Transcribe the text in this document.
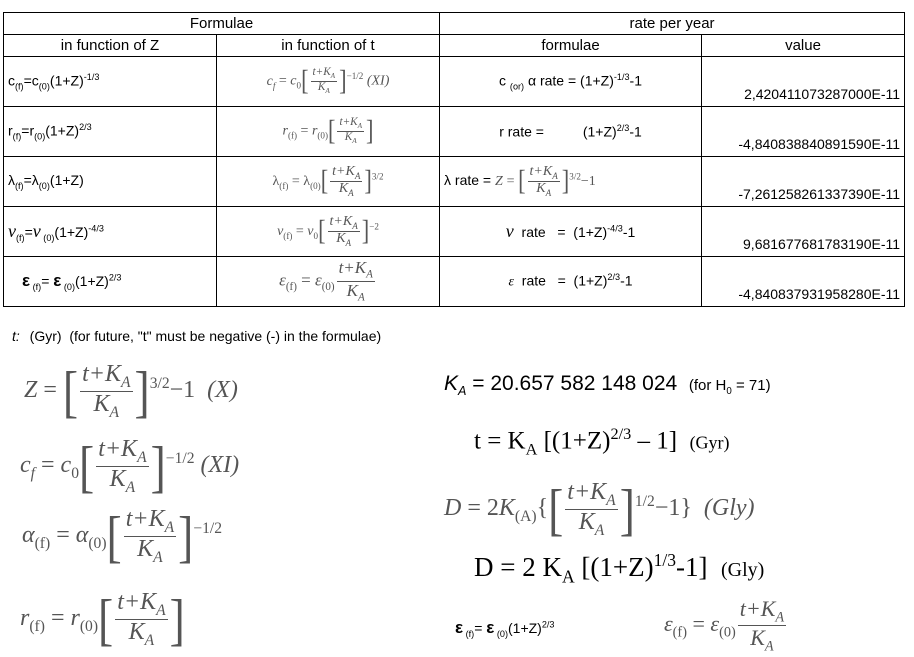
Formulae		rate per year	
in function of Z	in function of t	formulae	value
$c_{(f)}=c_{(0)}(1+Z)^{-1/3}$	$c_f = c_0[ \frac{t+K_A}{K_A} ]^{-1/2}$ (XI)	c $_{(or)}$ α rate = $(1+Z)^{-1/3}-1$	2,420411073287000E-11
$r_{(f)}=r_{(0)}(1+Z)^{2/3}$	$r_{(f)} = r_{(0)}[ \frac{t+K_A}{K_A}$ ]	r rate =          $(1+Z)^{2/3}-1$	-4,840838840891590E-11
$\lambda_{(f)}=\lambda_{(0)}(1+Z)$	$\lambda_{(f)} = \lambda_{(0)}[ \frac{t+K_A}{K_A} ]^{3/2}$	λ rate = Z = [ $\frac{t+K_A}{K_A} ]^{3/2}-1$	-7,261258261337390E-11
$\nu_{(f)}=\nu$ $_{(0)}(1+Z)^{-4/3}$	$\nu_{(f)} = \nu_0[ \frac{t+K_A}{K_A} ]^{-2}$	ν  rate   =  $(1+Z)^{-4/3}-1$	9,681677681783190E-11
ε $_{(f)}$= ε $_{(0)}(1+Z)^{2/3}$	$\varepsilon_{(f)} = \varepsilon_{(0)} \frac{t+K_A}{K_A}$	ε  rate   =  $(1+Z)^{2/3}-1$	-4,840837931958280E-11
t: (Gyr)  (for future, "t" must be negative (-) in the formulae)
Z = [ $\frac{t+K_A}{K_A} ]^{3/2}-1$  (X)
$c_f = c_0[ \frac{t+K_A}{K_A} ]^{-1/2}$ (XI)
$\alpha_{(f)} = \alpha_{(0)}[ \frac{t+K_A}{K_A} ]^{-1/2}$
$r_{(f)} = r_{(0)}[ \frac{t+K_A}{K_A}$ ]
$K_A = 20.657$ 582 148 024  (for $H_0 = 71$)
$t = K_A$ $[(1+Z)^{2/3} - 1]$  (Gyr)
$D = 2K_{(A)}\{[ \frac{t+K_A}{K_A} ]^{1/2}-1\}$  (Gly)
D = 2 $K_A$ $[(1+Z)^{1/3}-1]$  (Gly)
ε $_{(f)}$= ε $_{(0)}(1+Z)^{2/3}$	$\varepsilon_{(f)} = \varepsilon_{(0)} \frac{t+K_A}{K_A}$
